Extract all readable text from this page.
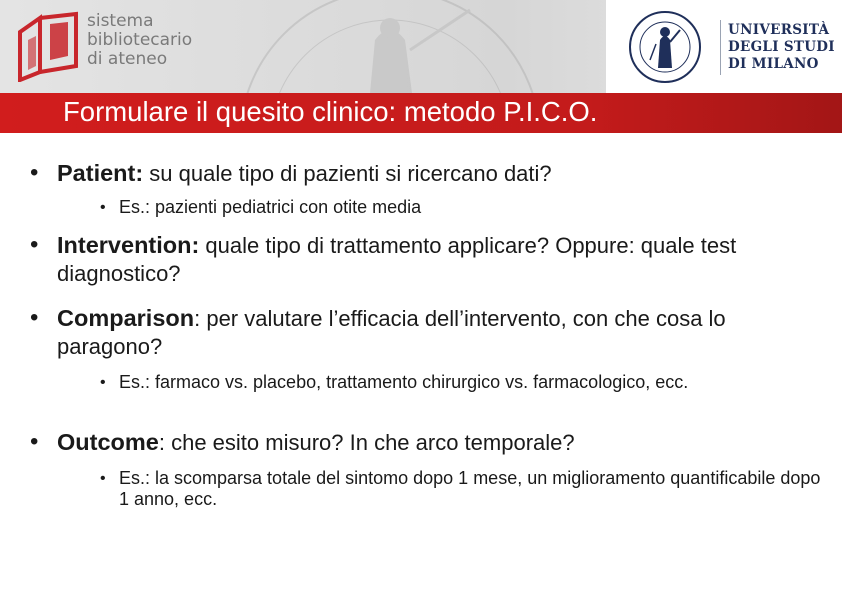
sistema
bibliotecario
di ateneo
UNIVERSITÀ
DEGLI STUDI
DI MILANO
Formulare il quesito clinico: metodo P.I.C.O.
• Patient: su quale tipo di pazienti si ricercano dati?
• Es.: pazienti pediatrici con otite media
• Intervention: quale tipo di trattamento applicare? Oppure: quale test diagnostico?
• Comparison: per valutare l’efficacia dell’intervento, con che cosa lo paragono?
• Es.: farmaco vs. placebo, trattamento chirurgico vs. farmacologico, ecc.
• Outcome: che esito misuro? In che arco temporale?
• Es.: la scomparsa totale del sintomo dopo 1 mese, un miglioramento quantificabile dopo 1 anno, ecc.
